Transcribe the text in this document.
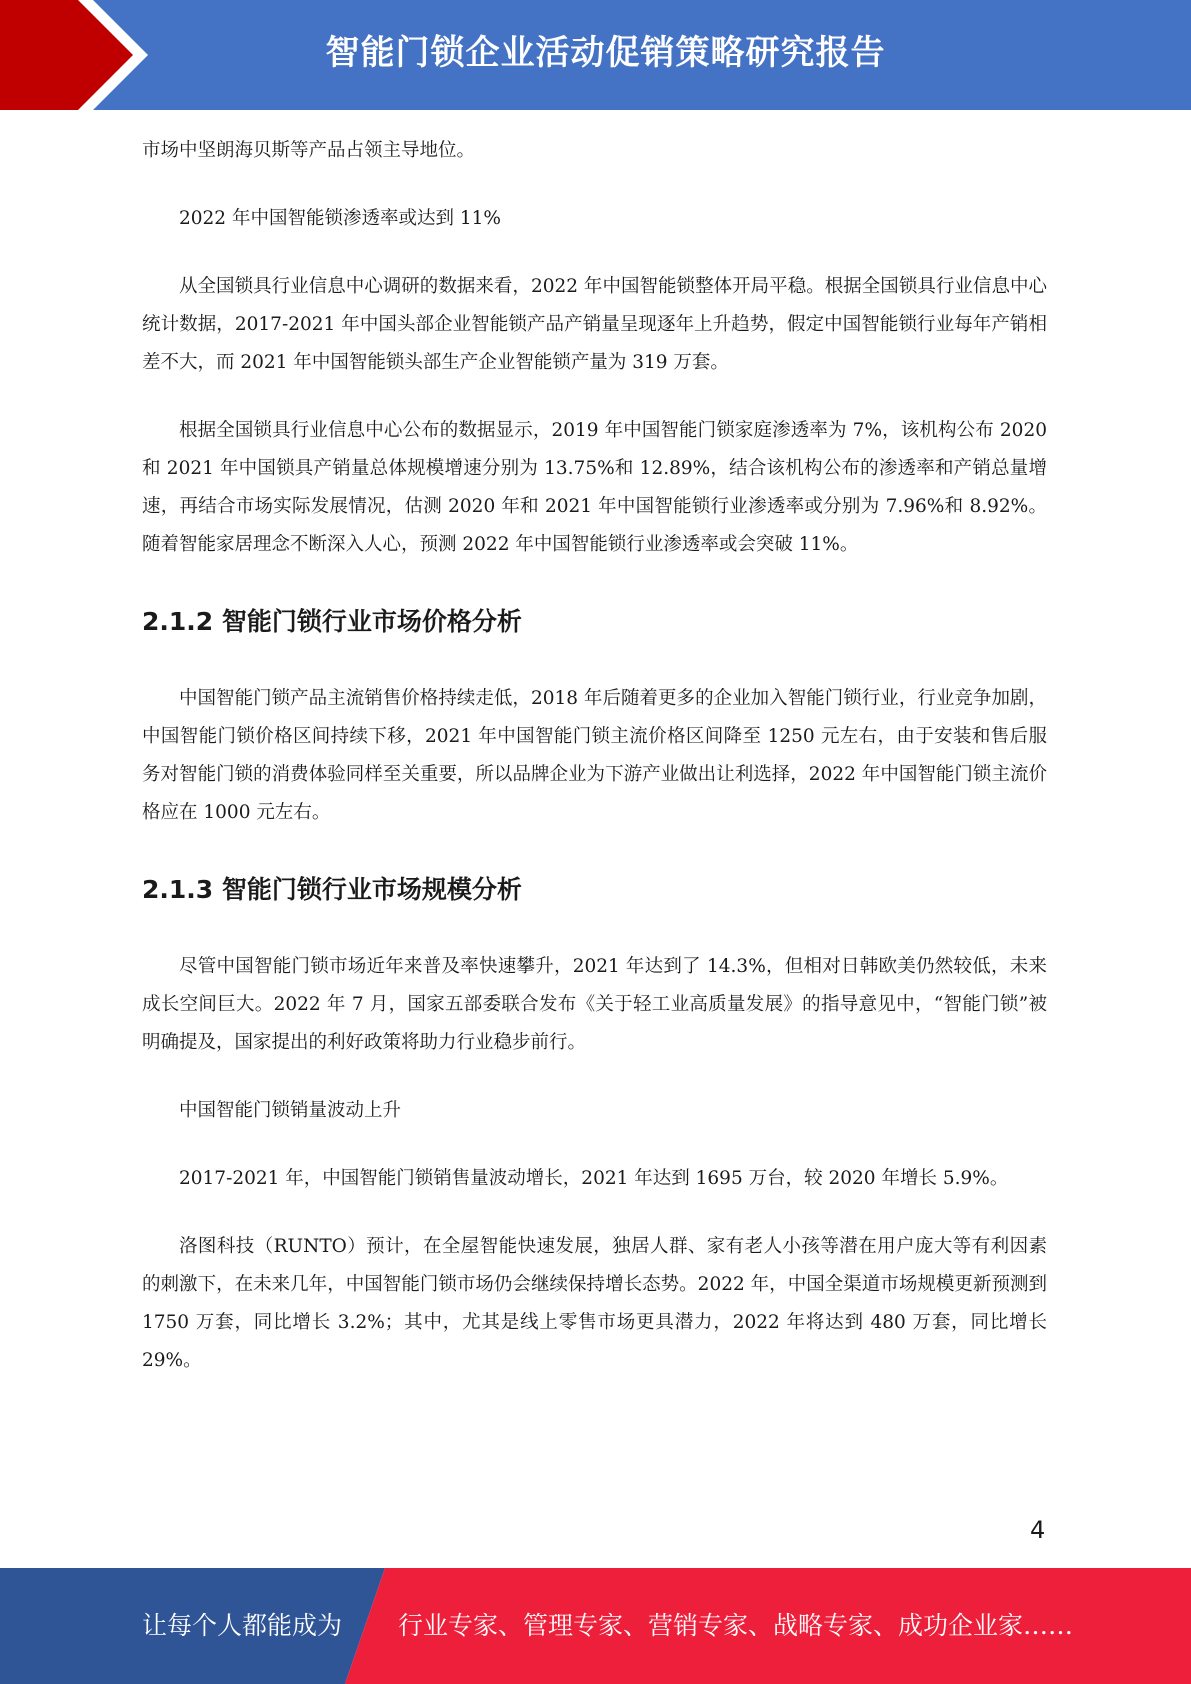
智能门锁企业活动促销策略研究报告

市场中坚朗海贝斯等产品占领主导地位。

2022 年中国智能锁渗透率或达到 11%

从全国锁具行业信息中心调研的数据来看，2022 年中国智能锁整体开局平稳。根据全国锁具行业信息中心统计数据，2017-2021 年中国头部企业智能锁产品产销量呈现逐年上升趋势，假定中国智能锁行业每年产销相差不大，而 2021 年中国智能锁头部生产企业智能锁产量为 319 万套。

根据全国锁具行业信息中心公布的数据显示，2019 年中国智能门锁家庭渗透率为 7%，该机构公布 2020 和 2021 年中国锁具产销量总体规模增速分别为 13.75%和 12.89%，结合该机构公布的渗透率和产销总量增速，再结合市场实际发展情况，估测 2020 年和 2021 年中国智能锁行业渗透率或分别为 7.96%和 8.92%。随着智能家居理念不断深入人心，预测 2022 年中国智能锁行业渗透率或会突破 11%。

2.1.2 智能门锁行业市场价格分析

中国智能门锁产品主流销售价格持续走低，2018 年后随着更多的企业加入智能门锁行业，行业竞争加剧，中国智能门锁价格区间持续下移，2021 年中国智能门锁主流价格区间降至 1250 元左右，由于安装和售后服务对智能门锁的消费体验同样至关重要，所以品牌企业为下游产业做出让利选择，2022 年中国智能门锁主流价格应在 1000 元左右。

2.1.3 智能门锁行业市场规模分析

尽管中国智能门锁市场近年来普及率快速攀升，2021 年达到了 14.3%，但相对日韩欧美仍然较低，未来成长空间巨大。2022 年 7 月，国家五部委联合发布《关于轻工业高质量发展》的指导意见中，“智能门锁”被明确提及，国家提出的利好政策将助力行业稳步前行。

中国智能门锁销量波动上升

2017-2021 年，中国智能门锁销售量波动增长，2021 年达到 1695 万台，较 2020 年增长 5.9%。

洛图科技（RUNTO）预计，在全屋智能快速发展，独居人群、家有老人小孩等潜在用户庞大等有利因素的刺激下，在未来几年，中国智能门锁市场仍会继续保持增长态势。2022 年，中国全渠道市场规模更新预测到 1750 万套，同比增长 3.2%；其中，尤其是线上零售市场更具潜力，2022 年将达到 480 万套，同比增长 29%。

4
让每个人都能成为 行业专家、管理专家、营销专家、战略专家、成功企业家……
